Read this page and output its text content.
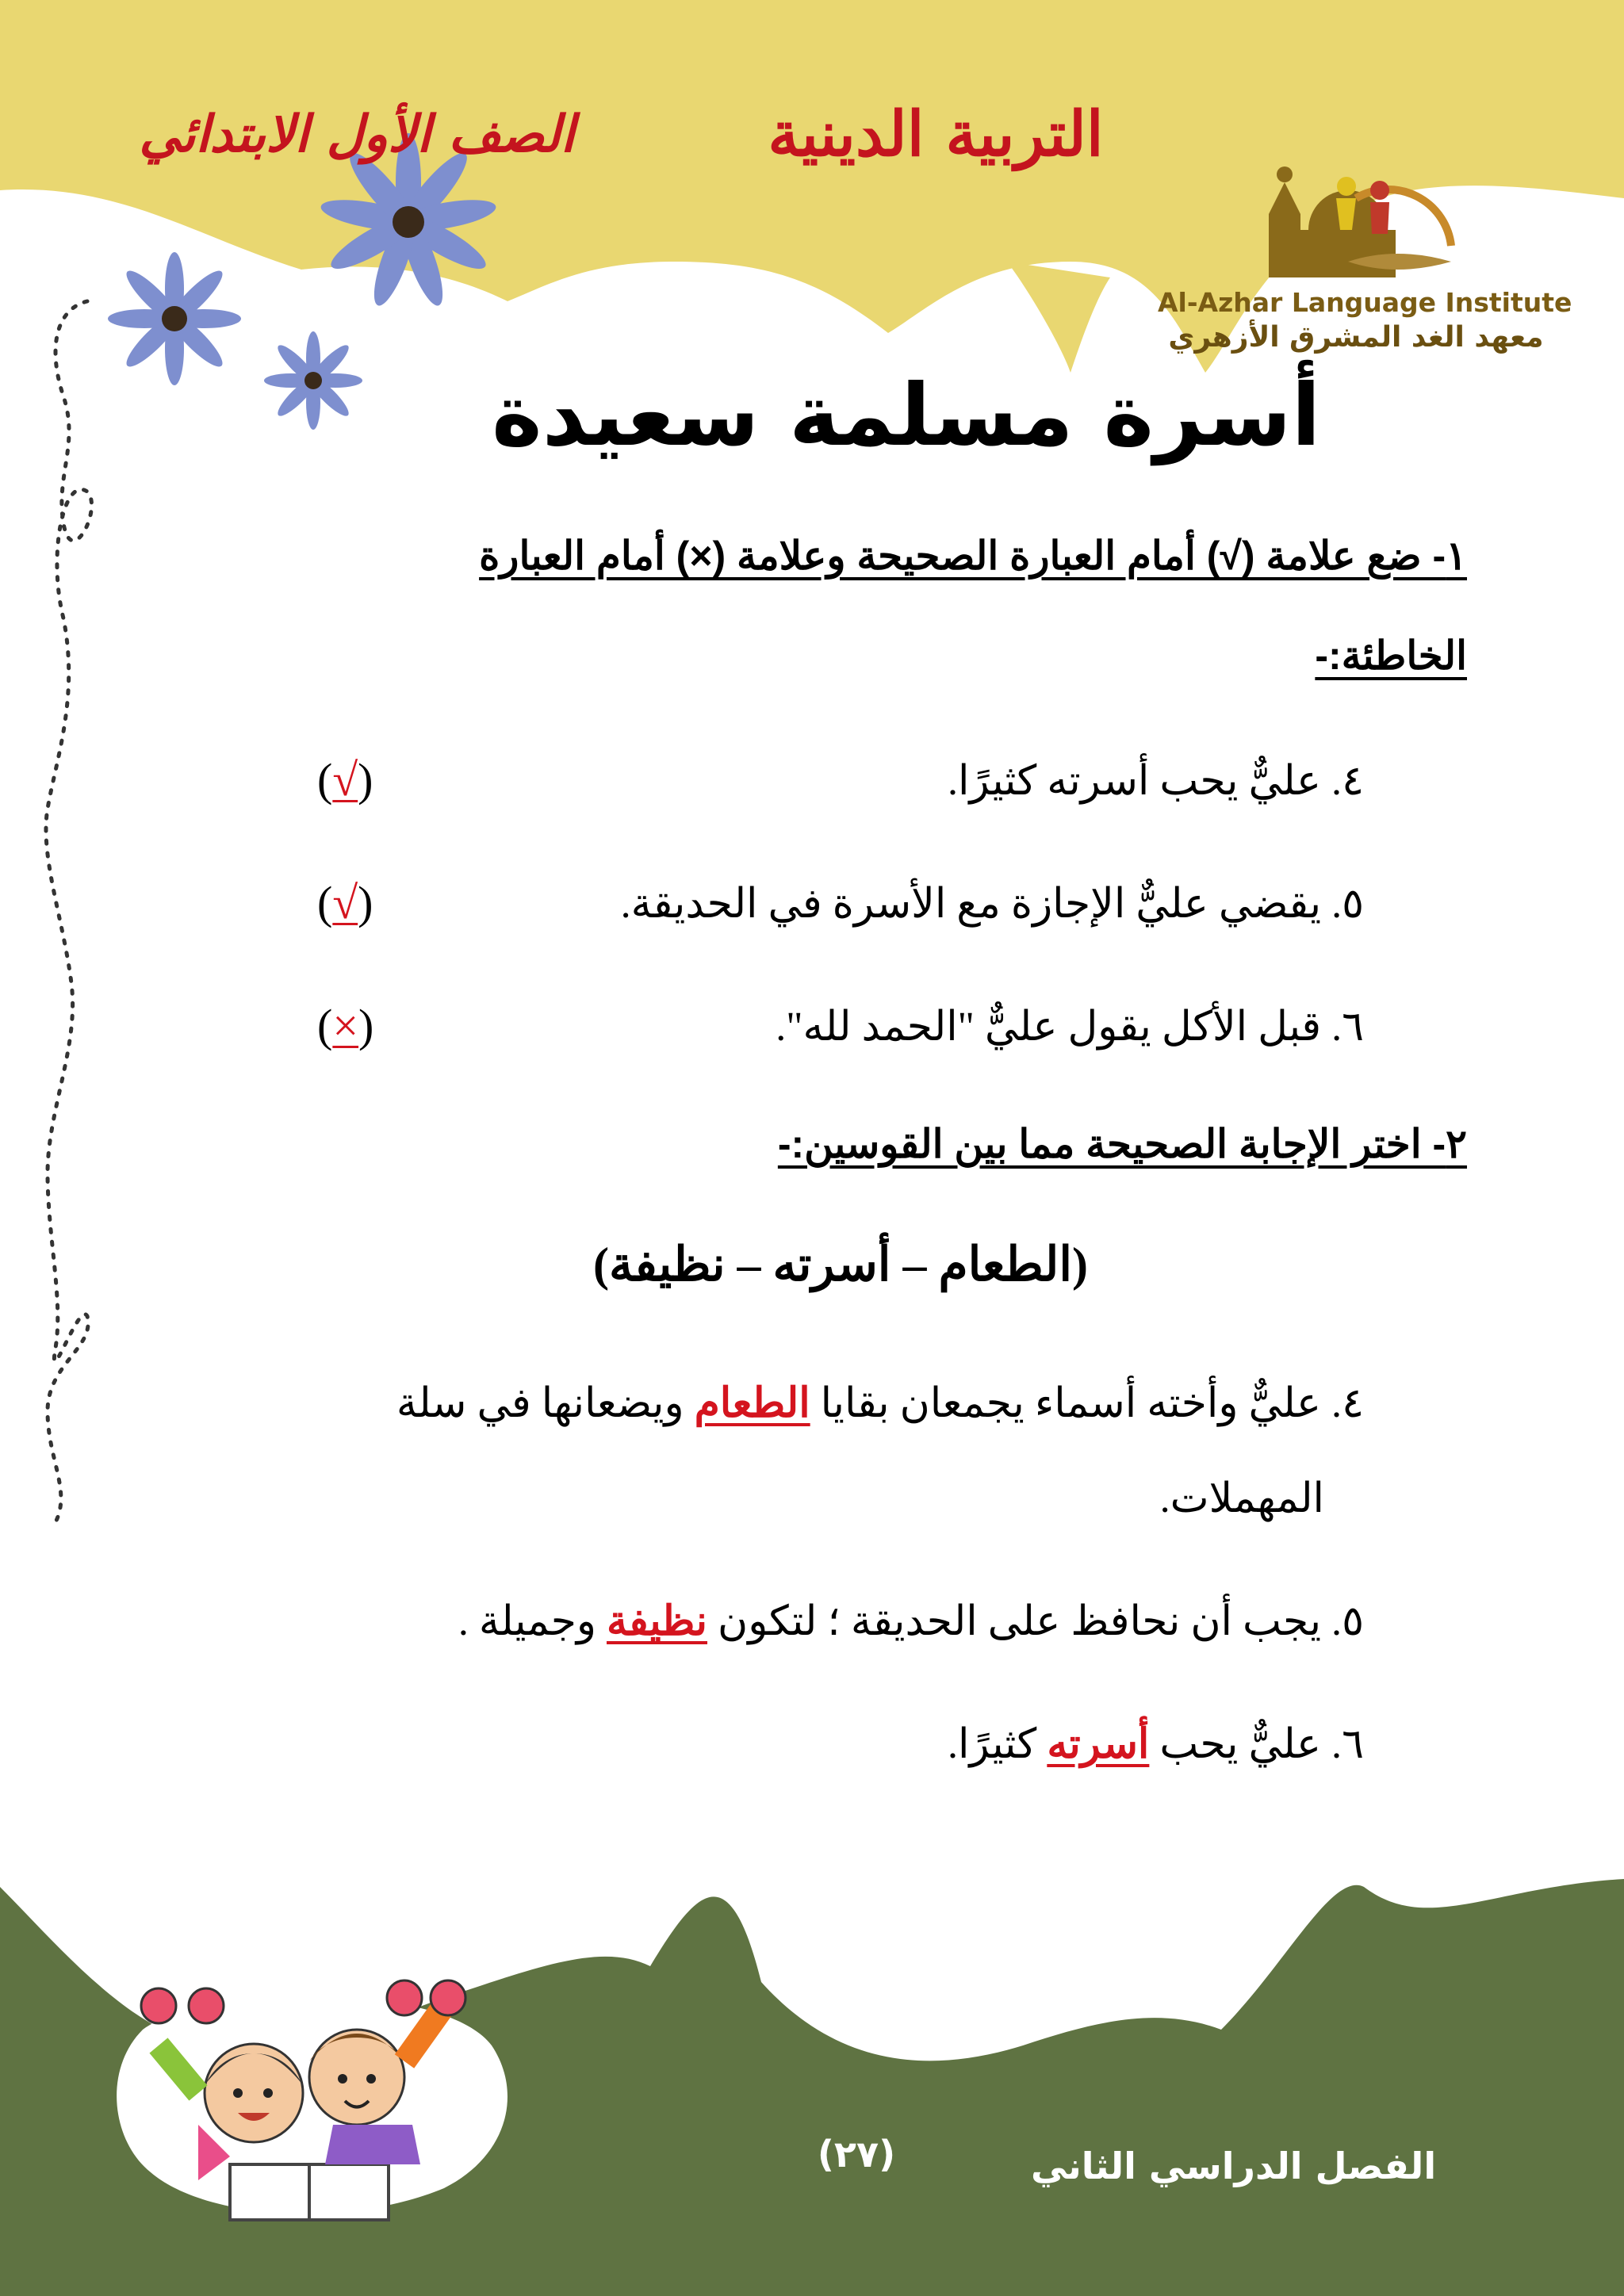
التربية الدينية
الصف الأول الابتدائي
Al-Azhar Language Institute
معهد الغد المشرق الأزهري
أسرة مسلمة سعيدة
١- ضع علامة (√) أمام العبارة الصحيحة وعلامة (×) أمام العبارة
الخاطئة:-
٤. عليٌّ يحب أسرته كثيرًا.
(√)
٥. يقضي عليٌّ الإجازة مع الأسرة في الحديقة.
(√)
٦. قبل الأكل يقول عليٌّ "الحمد لله".
(×)
٢- اختر الإجابة الصحيحة مما بين القوسين:-
(الطعام – أسرته – نظيفة)
٤. عليٌّ وأخته أسماء يجمعان بقايا الطعام ويضعانها في سلة
المهملات.
٥. يجب أن نحافظ على الحديقة ؛ لتكون نظيفة وجميلة .
٦. عليٌّ يحب أسرته كثيرًا.
(٢٧)	الفصل الدراسي الثاني
